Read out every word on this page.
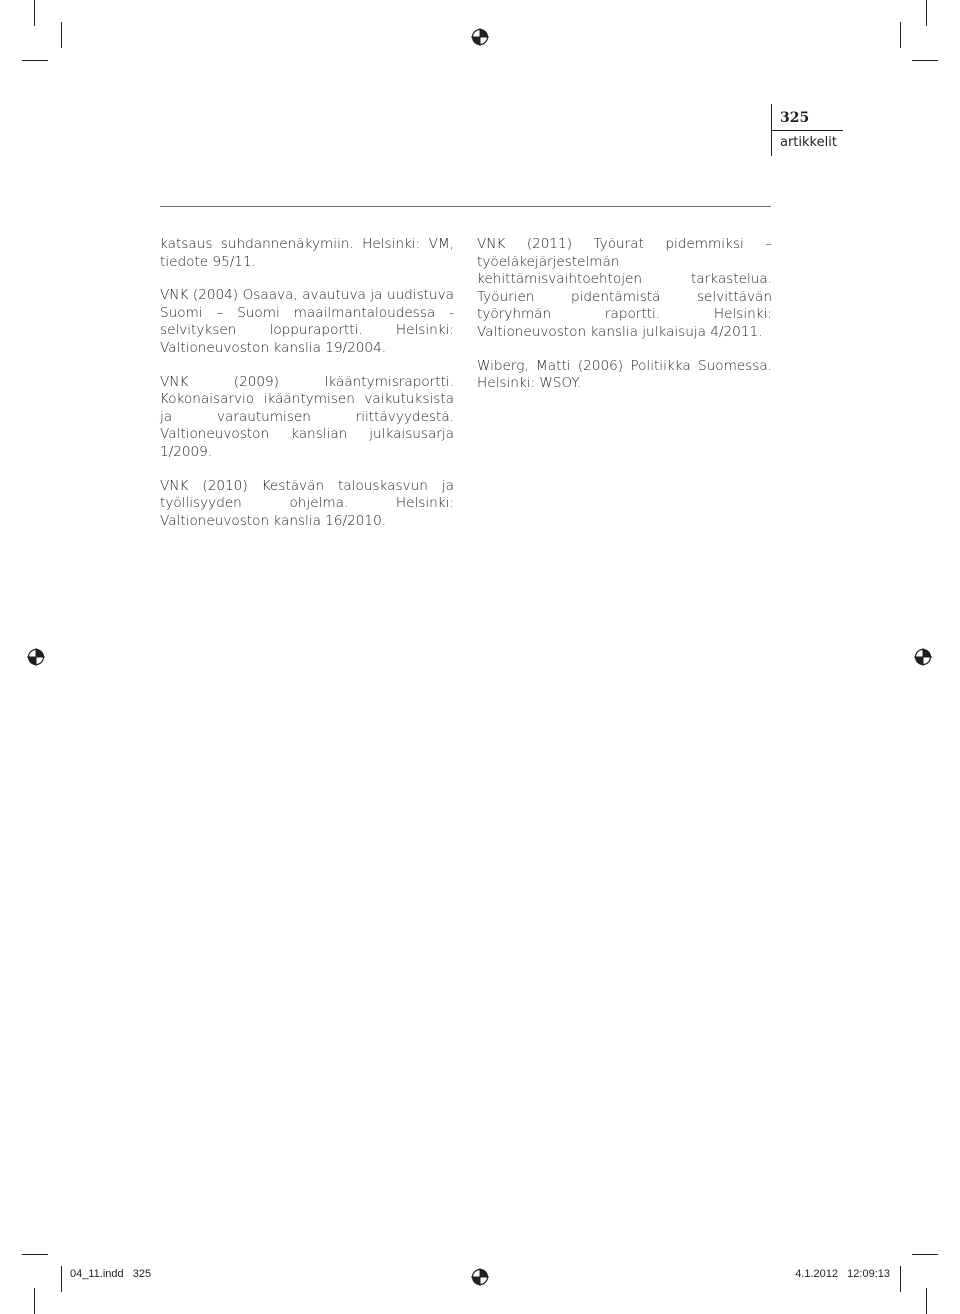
325
artikkelit

katsaus suhdannenäkymiin. Helsinki: VM, tiedote 95/11.

VNK (2004) Osaava, avautuva ja uudistuva Suomi – Suomi maailmantaloudessa -selvityksen loppuraportti. Helsinki: Valtioneuvoston kanslia 19/2004.

VNK (2009) Ikääntymisraportti. Kokonaisarvio ikääntymisen vaikutuksista ja varautumisen riittävyydestä. Valtioneuvoston kanslian julkaisusarja 1/2009.

VNK (2010) Kestävän talouskasvun ja työllisyyden ohjelma. Helsinki: Valtioneuvoston kanslia 16/2010.

VNK (2011) Työurat pidemmiksi – työeläkejärjestelmän kehittämisvaihtoehtojen tarkastelua. Työurien pidentämistä selvittävän työryhmän raportti. Helsinki: Valtioneuvoston kanslia julkaisuja 4/2011.

Wiberg, Matti (2006) Politiikka Suomessa. Helsinki: WSOY.

04_11.indd   325	4.1.2012   12:09:13
